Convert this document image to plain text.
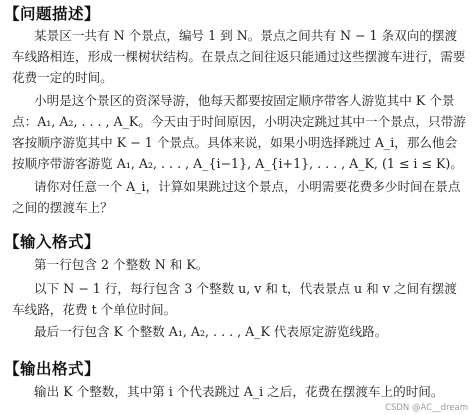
【问题描述】
某景区一共有 N 个景点，编号 1 到 N。景点之间共有 N − 1 条双向的摆渡车线路相连，形成一棵树状结构。在景点之间往返只能通过这些摆渡车进行，需要花费一定的时间。
小明是这个景区的资深导游，他每天都要按固定顺序带客人游览其中 K 个景点：A₁, A₂, . . . , A_K。今天由于时间原因，小明决定跳过其中一个景点，只带游客按顺序游览其中 K − 1 个景点。具体来说，如果小明选择跳过 A_i，那么他会按顺序带游客游览 A₁, A₂, . . . , A_{i−1}, A_{i+1}, . . . , A_K, (1 ≤ i ≤ K)。
请你对任意一个 A_i，计算如果跳过这个景点，小明需要花费多少时间在景点之间的摆渡车上？
【输入格式】
第一行包含 2 个整数 N 和 K。
以下 N − 1 行，每行包含 3 个整数 u, v 和 t，代表景点 u 和 v 之间有摆渡车线路，花费 t 个单位时间。
最后一行包含 K 个整数 A₁, A₂, . . . , A_K 代表原定游览线路。
【输出格式】
输出 K 个整数，其中第 i 个代表跳过 A_i 之后，花费在摆渡车上的时间。
CSDN @AC__dream
